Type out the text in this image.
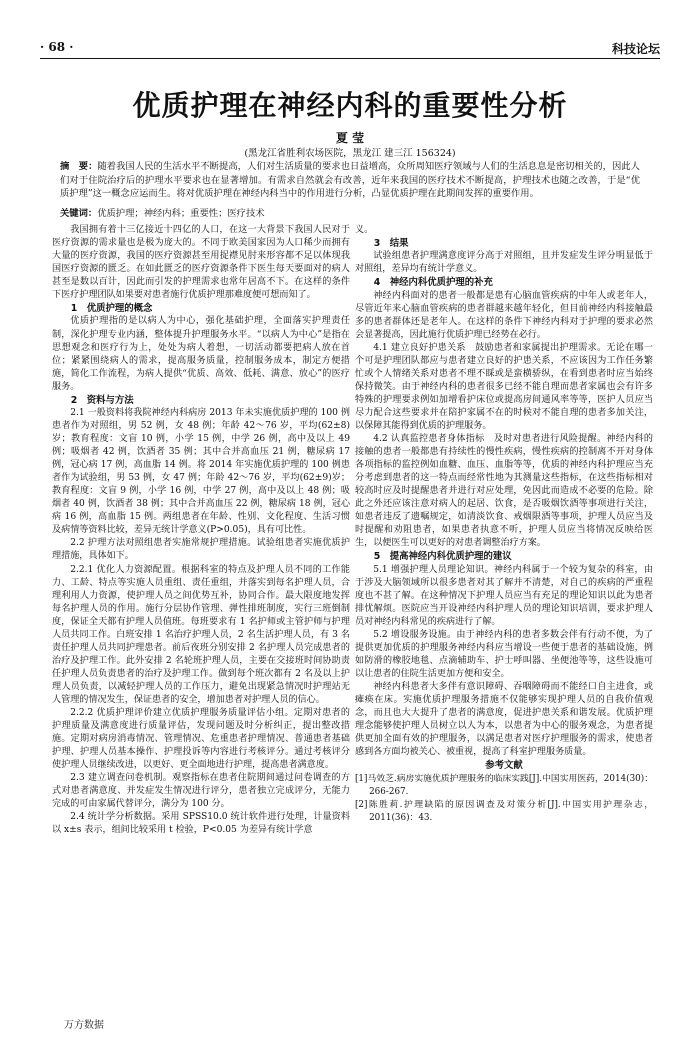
· 68 ·	科技论坛
优质护理在神经内科的重要性分析
夏 莹
(黑龙江省胜利农场医院，黑龙江 建三江 156324)
摘　要：随着我国人民的生活水平不断提高，人们对生活质量的要求也日益增高，众所周知医疗领域与人们的生活息息是密切相关的，因此人们对于住院治疗后的护理水平要求也在显著增加。有需求自然就会有改善，近年来我国的医疗技术不断提高，护理技术也随之改善，于是“优质护理”这一概念应运而生。将对优质护理在神经内科当中的作用进行分析，凸显优质护理在此期间发挥的重要作用。
关键词：优质护理；神经内科；重要性；医疗技术

我国拥有着十三亿接近十四亿的人口，在这一大背景下我国人民对于医疗资源的需求量也是极为庞大的。不同于欧美国家因为人口稀少而拥有大量的医疗资源，我国的医疗资源甚至用捉襟见肘来形容都不足以体现我国医疗资源的匮乏。在如此匮乏的医疗资源条件下医生每天要面对的病人甚至是数以百计，因此而引发的护理需求也常年居高不下。在这样的条件下医疗护理团队如果要对患者施行优质护理那难度便可想而知了。

1　优质护理的概念

优质护理指的是以病人为中心，强化基础护理，全面落实护理责任制，深化护理专业内涵，整体提升护理服务水平。“以病人为中心”是指在思想观念和医疗行为上，处处为病人着想，一切活动都要把病人放在首位；紧紧围绕病人的需求，提高服务质量，控制服务成本，制定方便措施，简化工作流程，为病人提供“优质、高效、低耗、满意、放心”的医疗服务。

2　资料与方法

2.1 一般资料将我院神经内科病房 2013 年未实施优质护理的 100 例患者作为对照组，男 52 例，女 48 例；年龄 42～76 岁，平均(62±8)岁；教育程度：文盲 10 例，小学 15 例，中学 26 例，高中及以上 49 例；吸烟者 42 例，饮酒者 35 例；其中合并高血压 21 例，糖尿病 17 例，冠心病 17 例，高血脂 14 例。将 2014 年实施优质护理的 100 例患者作为试验组，男 53 例，女 47 例；年龄 42～76 岁，平均(62±9)岁；教育程度：文盲 9 例，小学 16 例，中学 27 例，高中及以上 48 例；吸烟者 40 例，饮酒者 38 例；其中合并高血压 22 例，糖尿病 18 例，冠心病 16 例，高血脂 15 例。两组患者在年龄、性别、文化程度、生活习惯及病情等资料比较，差异无统计学意义(P>0.05)，具有可比性。

2.2 护理方法对照组患者实施常规护理措施。试验组患者实施优质护理措施，具体如下。

2.2.1 优化人力资源配置。根据科室的特点及护理人员不同的工作能力、工龄、特点等实施人员重组、责任重组，并落实到每名护理人员，合理利用人力资源，使护理人员之间优势互补，协同合作。最大限度地发挥每名护理人员的作用。施行分层协作管理、弹性排班制度，实行三班倒制度，保证全天都有护理人员值班。每班要求有 1 名护师或主管护师与护理人员共同工作。白班安排 1 名治疗护理人员，2 名生活护理人员，有 3 名责任护理人员共同护理患者。前后夜班分别安排 2 名护理人员完成患者的治疗及护理工作。此外安排 2 名轮班护理人员，主要在交接班时间协助责任护理人员负责患者的治疗及护理工作。做到每个班次都有 2 名及以上护理人员负责，以减轻护理人员的工作压力，避免出现紧急情况时护理站无人管理的情况发生，保证患者的安全，增加患者对护理人员的信心。

2.2.2 优质护理评价建立优质护理服务质量评估小组。定期对患者的护理质量及满意度进行质量评估，发现问题及时分析纠正，提出整改措施。定期对病房消毒情况、管理情况、危重患者护理情况、普通患者基础护理、护理人员基本操作、护理投诉等内容进行考核评分。通过考核评分使护理人员继续改进，以更好、更全面地进行护理，提高患者满意度。

2.3 建立调查问卷机制。观察指标在患者住院期间通过问卷调查的方式对患者满意度、并发症发生情况进行评分，患者独立完成评分，无能力完成的可由家属代替评分，满分为 100 分。

2.4 统计学分析数据。采用 SPSS10.0 统计软件进行处理，计量资料以 x±s 表示，组间比较采用 t 检验，P<0.05 为差异有统计学意

义。

3　结果

试验组患者护理满意度评分高于对照组，且并发症发生评分明显低于对照组，差异均有统计学意义。

4　神经内科优质护理的补充

神经内科面对的患者一般都是患有心脑血管疾病的中年人或老年人，尽管近年来心脑血管疾病的患者群越来越年轻化，但目前神经内科接触最多的患者群体还是老年人。在这样的条件下神经内科对于护理的要求必然会显著提高，因此施行优质护理已经势在必行。

4.1 建立良好护患关系　鼓励患者和家属提出护理需求。无论在哪一个可是护理团队都应与患者建立良好的护患关系，不应该因为工作任务繁忙或个人情绪关系对患者不理不睬或是蛮横骄纵，在看到患者时应当始终保持微笑。由于神经内科的患者很多已经不能自理而患者家属也会有许多特殊的护理要求例如加增看护床位或提高房间通风率等等，医护人员应当尽力配合这些要求并在陪护家属不在的时候对不能自理的患者多加关注，以保障其能得到优质的护理服务。

4.2 认真监控患者身体指标　及时对患者进行风险提醒。神经内科的接触的患者一般都患有持续性的慢性疾病，慢性疾病的控制离不开对身体各项指标的监控例如血糖、血压、血脂等等，优质的神经内科护理应当充分考虑到患者的这一特点而经常性地为其测量这些指标，在这些指标相对较高时应及时提醒患者并进行对应处理，免因此而造成不必要的危险。除此之外还应该注意对病人的起居、饮食，是否吸烟饮酒等事项进行关注，如患者违反了遗嘱规定，如清淡饮食、戒烟限酒等事项，护理人员应当及时提醒和劝阻患者，如果患者执意不听，护理人员应当将情况反映给医生，以便医生可以更好的对患者调整治疗方案。

5　提高神经内科优质护理的建议

5.1 增强护理人员理论知识。神经内科属于一个较为复杂的科室，由于涉及大脑领域所以很多患者对其了解并不清楚，对自己的疾病的严重程度也不甚了解。在这种情况下护理人员应当有充足的理论知识以此为患者排忧解烦。医院应当开设神经内科护理人员的理论知识培训，要求护理人员对神经内科常见的疾病进行了解。

5.2 增设服务设施。由于神经内科的患者多数会伴有行动不便，为了提供更加优质的护理服务神经内科应当增设一些便于患者的基础设施，例如防滑的橡胶地毯、点滴辅助车、护士呼叫器、坐便池等等，这些设施可以让患者的住院生活更加方便和安全。

神经内科患者大多伴有意识障碍、吞咽障碍而不能经口自主进食，或瘫痪在床。实施优质护理服务措施不仅能够实现护理人员的自我价值观念，而且也大大提升了患者的满意度，促进护患关系和谐发展。优质护理理念能够使护理人员树立以人为本，以患者为中心的服务观念，为患者提供更加全面有效的护理服务，以满足患者对医疗护理服务的需求，使患者感到各方面均被关心、被重视，提高了科室护理服务质量。

参考文献

[1]马效芝.病房实施优质护理服务的临床实践[J].中国实用医药，2014(30)：266-267.

[2]陈胜莉.护理缺陷的原因调查及对策分析[J].中国实用护理杂志，2011(36)：43.

万方数据
